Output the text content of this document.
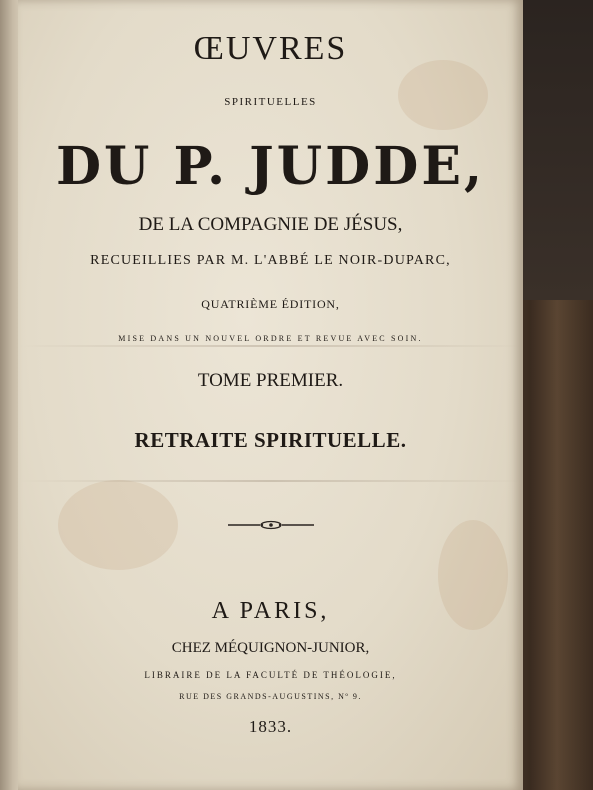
ŒUVRES
SPIRITUELLES
DU P. JUDDE,
DE LA COMPAGNIE DE JÉSUS,
RECUEILLIES PAR M. L'ABBÉ LE NOIR-DUPARC,
QUATRIÈME ÉDITION,
MISE DANS UN NOUVEL ORDRE ET REVUE AVEC SOIN.
TOME PREMIER.
RETRAITE SPIRITUELLE.
A PARIS,
CHEZ MÉQUIGNON-JUNIOR,
LIBRAIRE DE LA FACULTÉ DE THÉOLOGIE,
RUE DES GRANDS-AUGUSTINS, Nº 9.
1833.
